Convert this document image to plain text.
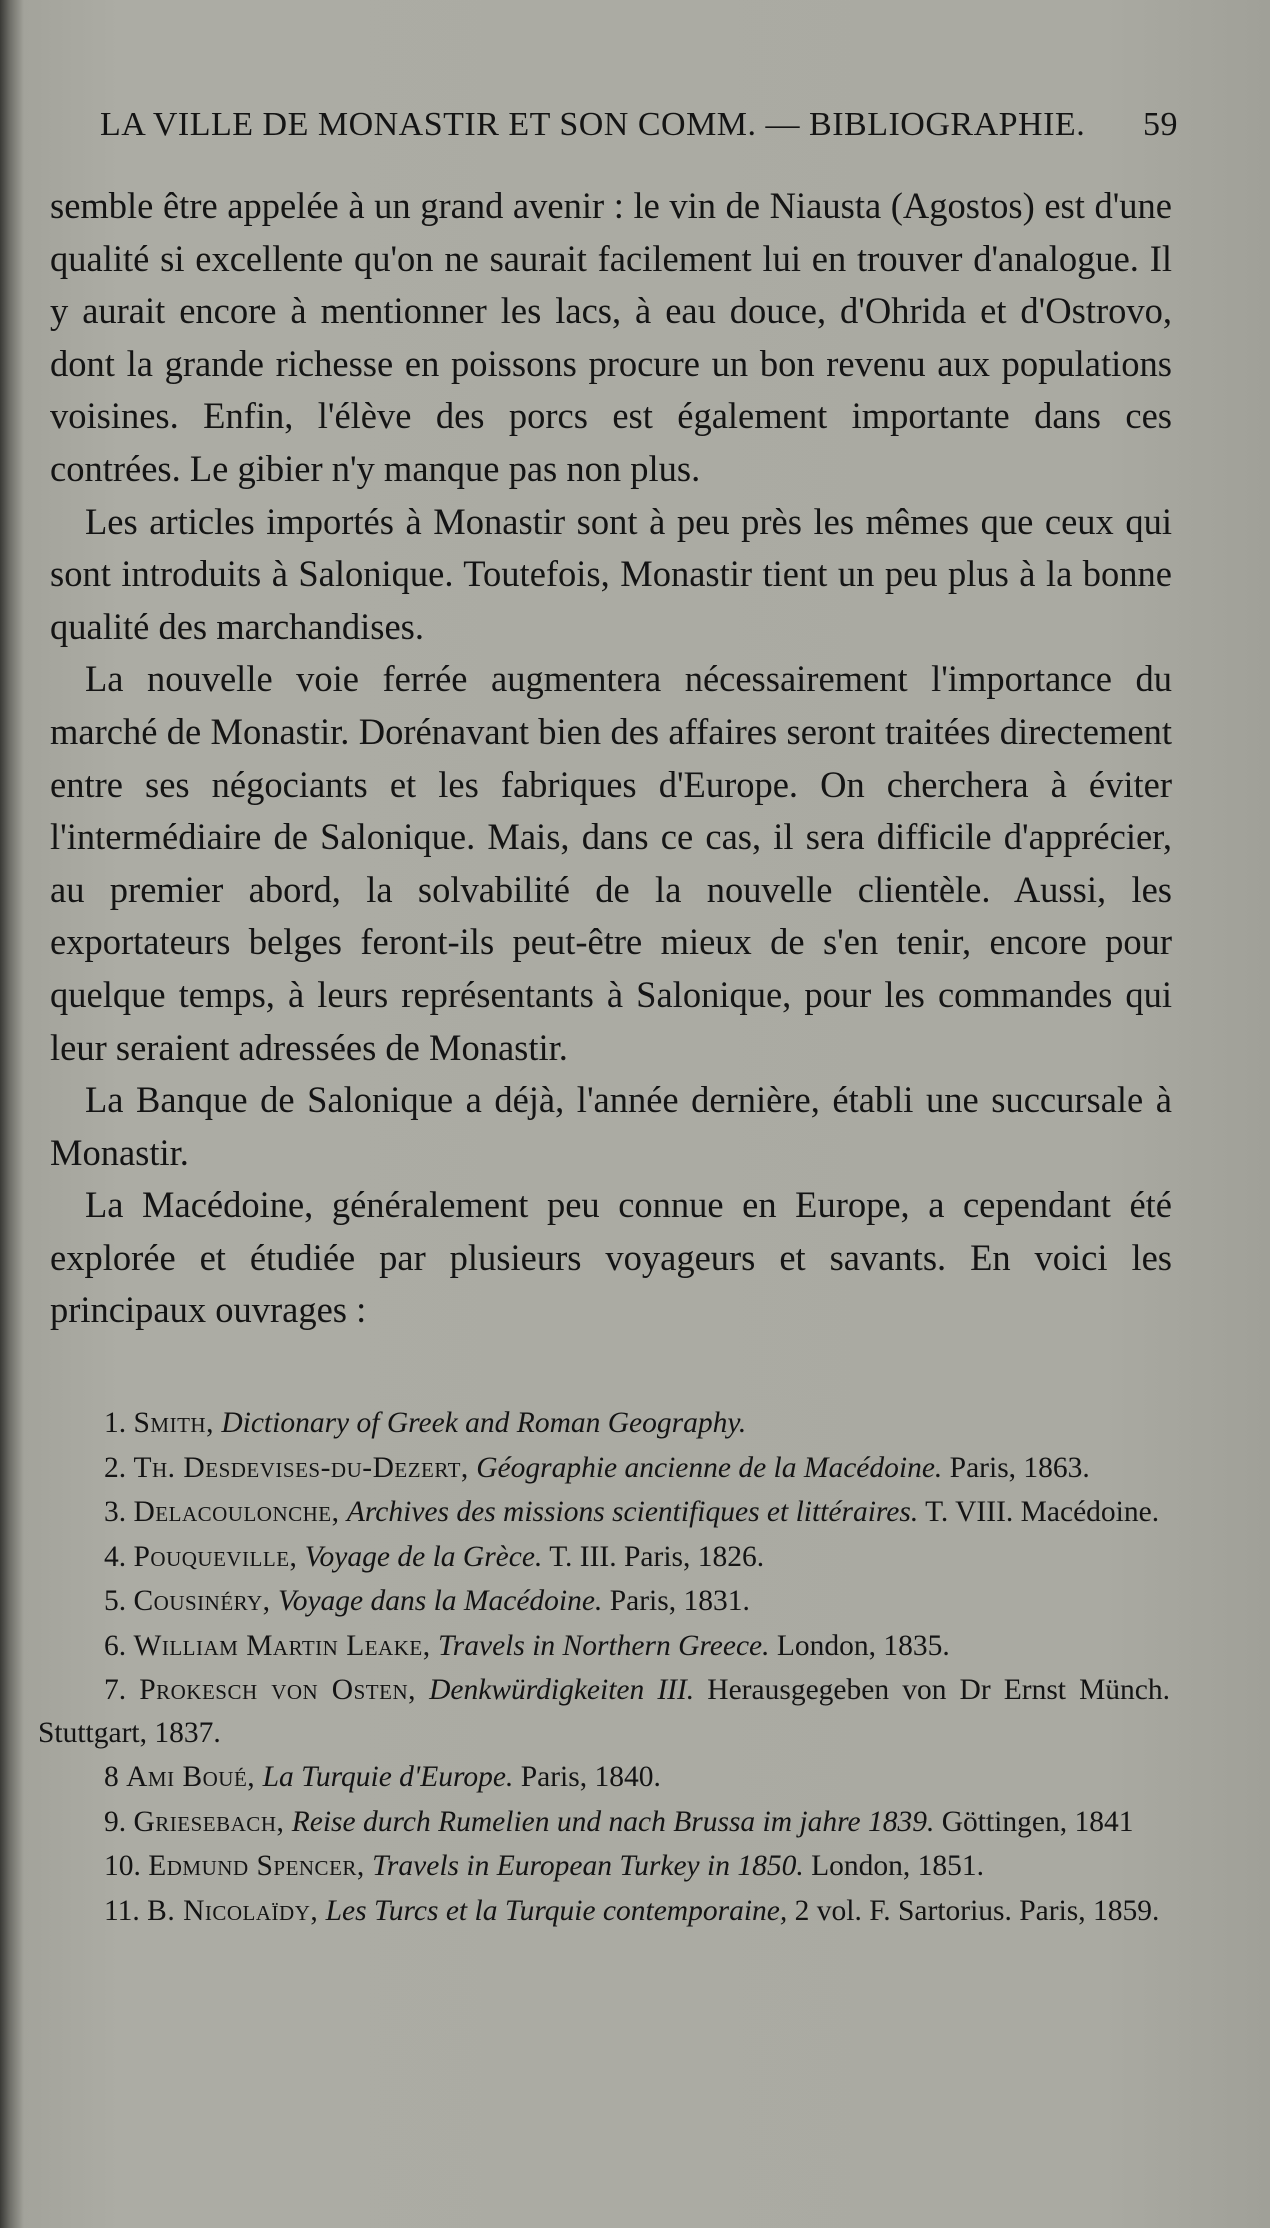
LA VILLE DE MONASTIR ET SON COMM. — BIBLIOGRAPHIE. 59

semble être appelée à un grand avenir : le vin de Niausta (Agostos) est d'une qualité si excellente qu'on ne saurait facilement lui en trouver d'analogue. Il y aurait encore à mentionner les lacs, à eau douce, d'Ohrida et d'Ostrovo, dont la grande richesse en poissons procure un bon revenu aux populations voisines. Enfin, l'élève des porcs est également importante dans ces contrées. Le gibier n'y manque pas non plus.

Les articles importés à Monastir sont à peu près les mêmes que ceux qui sont introduits à Salonique. Toutefois, Monastir tient un peu plus à la bonne qualité des marchandises.

La nouvelle voie ferrée augmentera nécessairement l'importance du marché de Monastir. Dorénavant bien des affaires seront traitées directement entre ses négociants et les fabriques d'Europe. On cherchera à éviter l'intermédiaire de Salonique. Mais, dans ce cas, il sera difficile d'apprécier, au premier abord, la solvabilité de la nouvelle clientèle. Aussi, les exportateurs belges feront-ils peut-être mieux de s'en tenir, encore pour quelque temps, à leurs représentants à Salonique, pour les commandes qui leur seraient adressées de Monastir.

La Banque de Salonique a déjà, l'année dernière, établi une succursale à Monastir.

La Macédoine, généralement peu connue en Europe, a cependant été explorée et étudiée par plusieurs voyageurs et savants. En voici les principaux ouvrages :

1. Smith, Dictionary of Greek and Roman Geography.

2. Th. Desdevises-du-Dezert, Géographie ancienne de la Macédoine. Paris, 1863.

3. Delacoulonche, Archives des missions scientifiques et littéraires. T. VIII. Macédoine.

4. Pouqueville, Voyage de la Grèce. T. III. Paris, 1826.

5. Cousinéry, Voyage dans la Macédoine. Paris, 1831.

6. William Martin Leake, Travels in Northern Greece. London, 1835.

7. Prokesch von Osten, Denkwürdigkeiten III. Herausgegeben von Dr Ernst Münch. Stuttgart, 1837.

8 Ami Boué, La Turquie d'Europe. Paris, 1840.

9. Griesebach, Reise durch Rumelien und nach Brussa im jahre 1839. Göttingen, 1841

10. Edmund Spencer, Travels in European Turkey in 1850. London, 1851.

11. B. Nicolaïdy, Les Turcs et la Turquie contemporaine, 2 vol. F. Sartorius. Paris, 1859.
